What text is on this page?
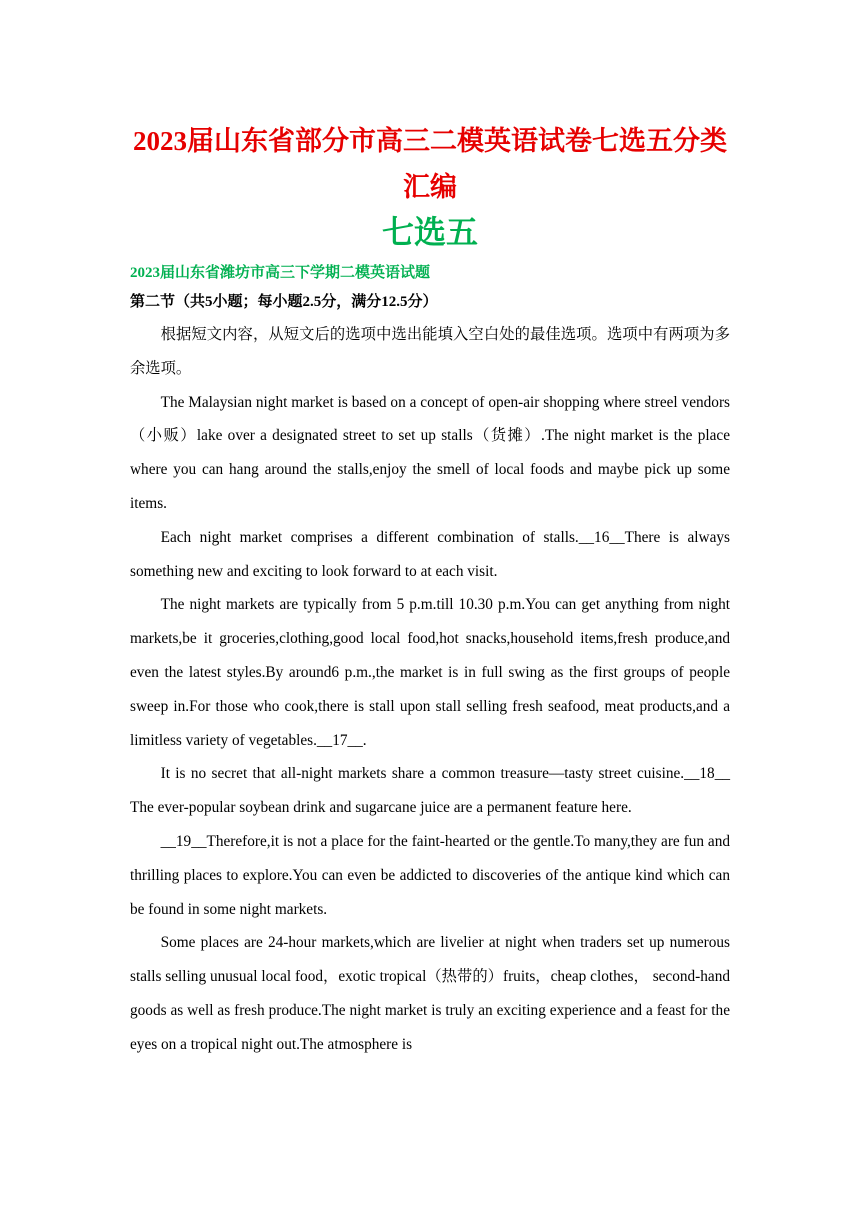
2023届山东省部分市高三二模英语试卷七选五分类汇编
七选五

2023届山东省潍坊市高三下学期二模英语试题

第二节（共5小题；每小题2.5分，满分12.5分）

根据短文内容，从短文后的选项中选出能填入空白处的最佳选项。选项中有两项为多余选项。

The Malaysian night market is based on a concept of open-air shopping where streel vendors（小贩）lake over a designated street to set up stalls（货摊）.The night market is the place where you can hang around the stalls,enjoy the smell of local foods and maybe pick up some items.

Each night market comprises a different combination of stalls.__16__There is always something new and exciting to look forward to at each visit.

The night markets are typically from 5 p.m.till 10.30 p.m.You can get anything from night markets,be it groceries,clothing,good local food,hot snacks,household items,fresh produce,and even the latest styles.By around6 p.m.,the market is in full swing as the first groups of people sweep in.For those who cook,there is stall upon stall selling fresh seafood, meat products,and a limitless variety of vegetables.__17__.

It is no secret that all-night markets share a common treasure—tasty street cuisine.__18__ The ever-popular soybean drink and sugarcane juice are a permanent feature here.

__19__Therefore,it is not a place for the faint-hearted or the gentle.To many,they are fun and thrilling places to explore.You can even be addicted to discoveries of the antique kind which can be found in some night markets.

Some places are 24-hour markets,which are livelier at night when traders set up numerous stalls selling unusual local food，exotic tropical（热带的）fruits，cheap clothes， second-hand goods as well as fresh produce.The night market is truly an exciting experience and a feast for the eyes on a tropical night out.The atmosphere is
